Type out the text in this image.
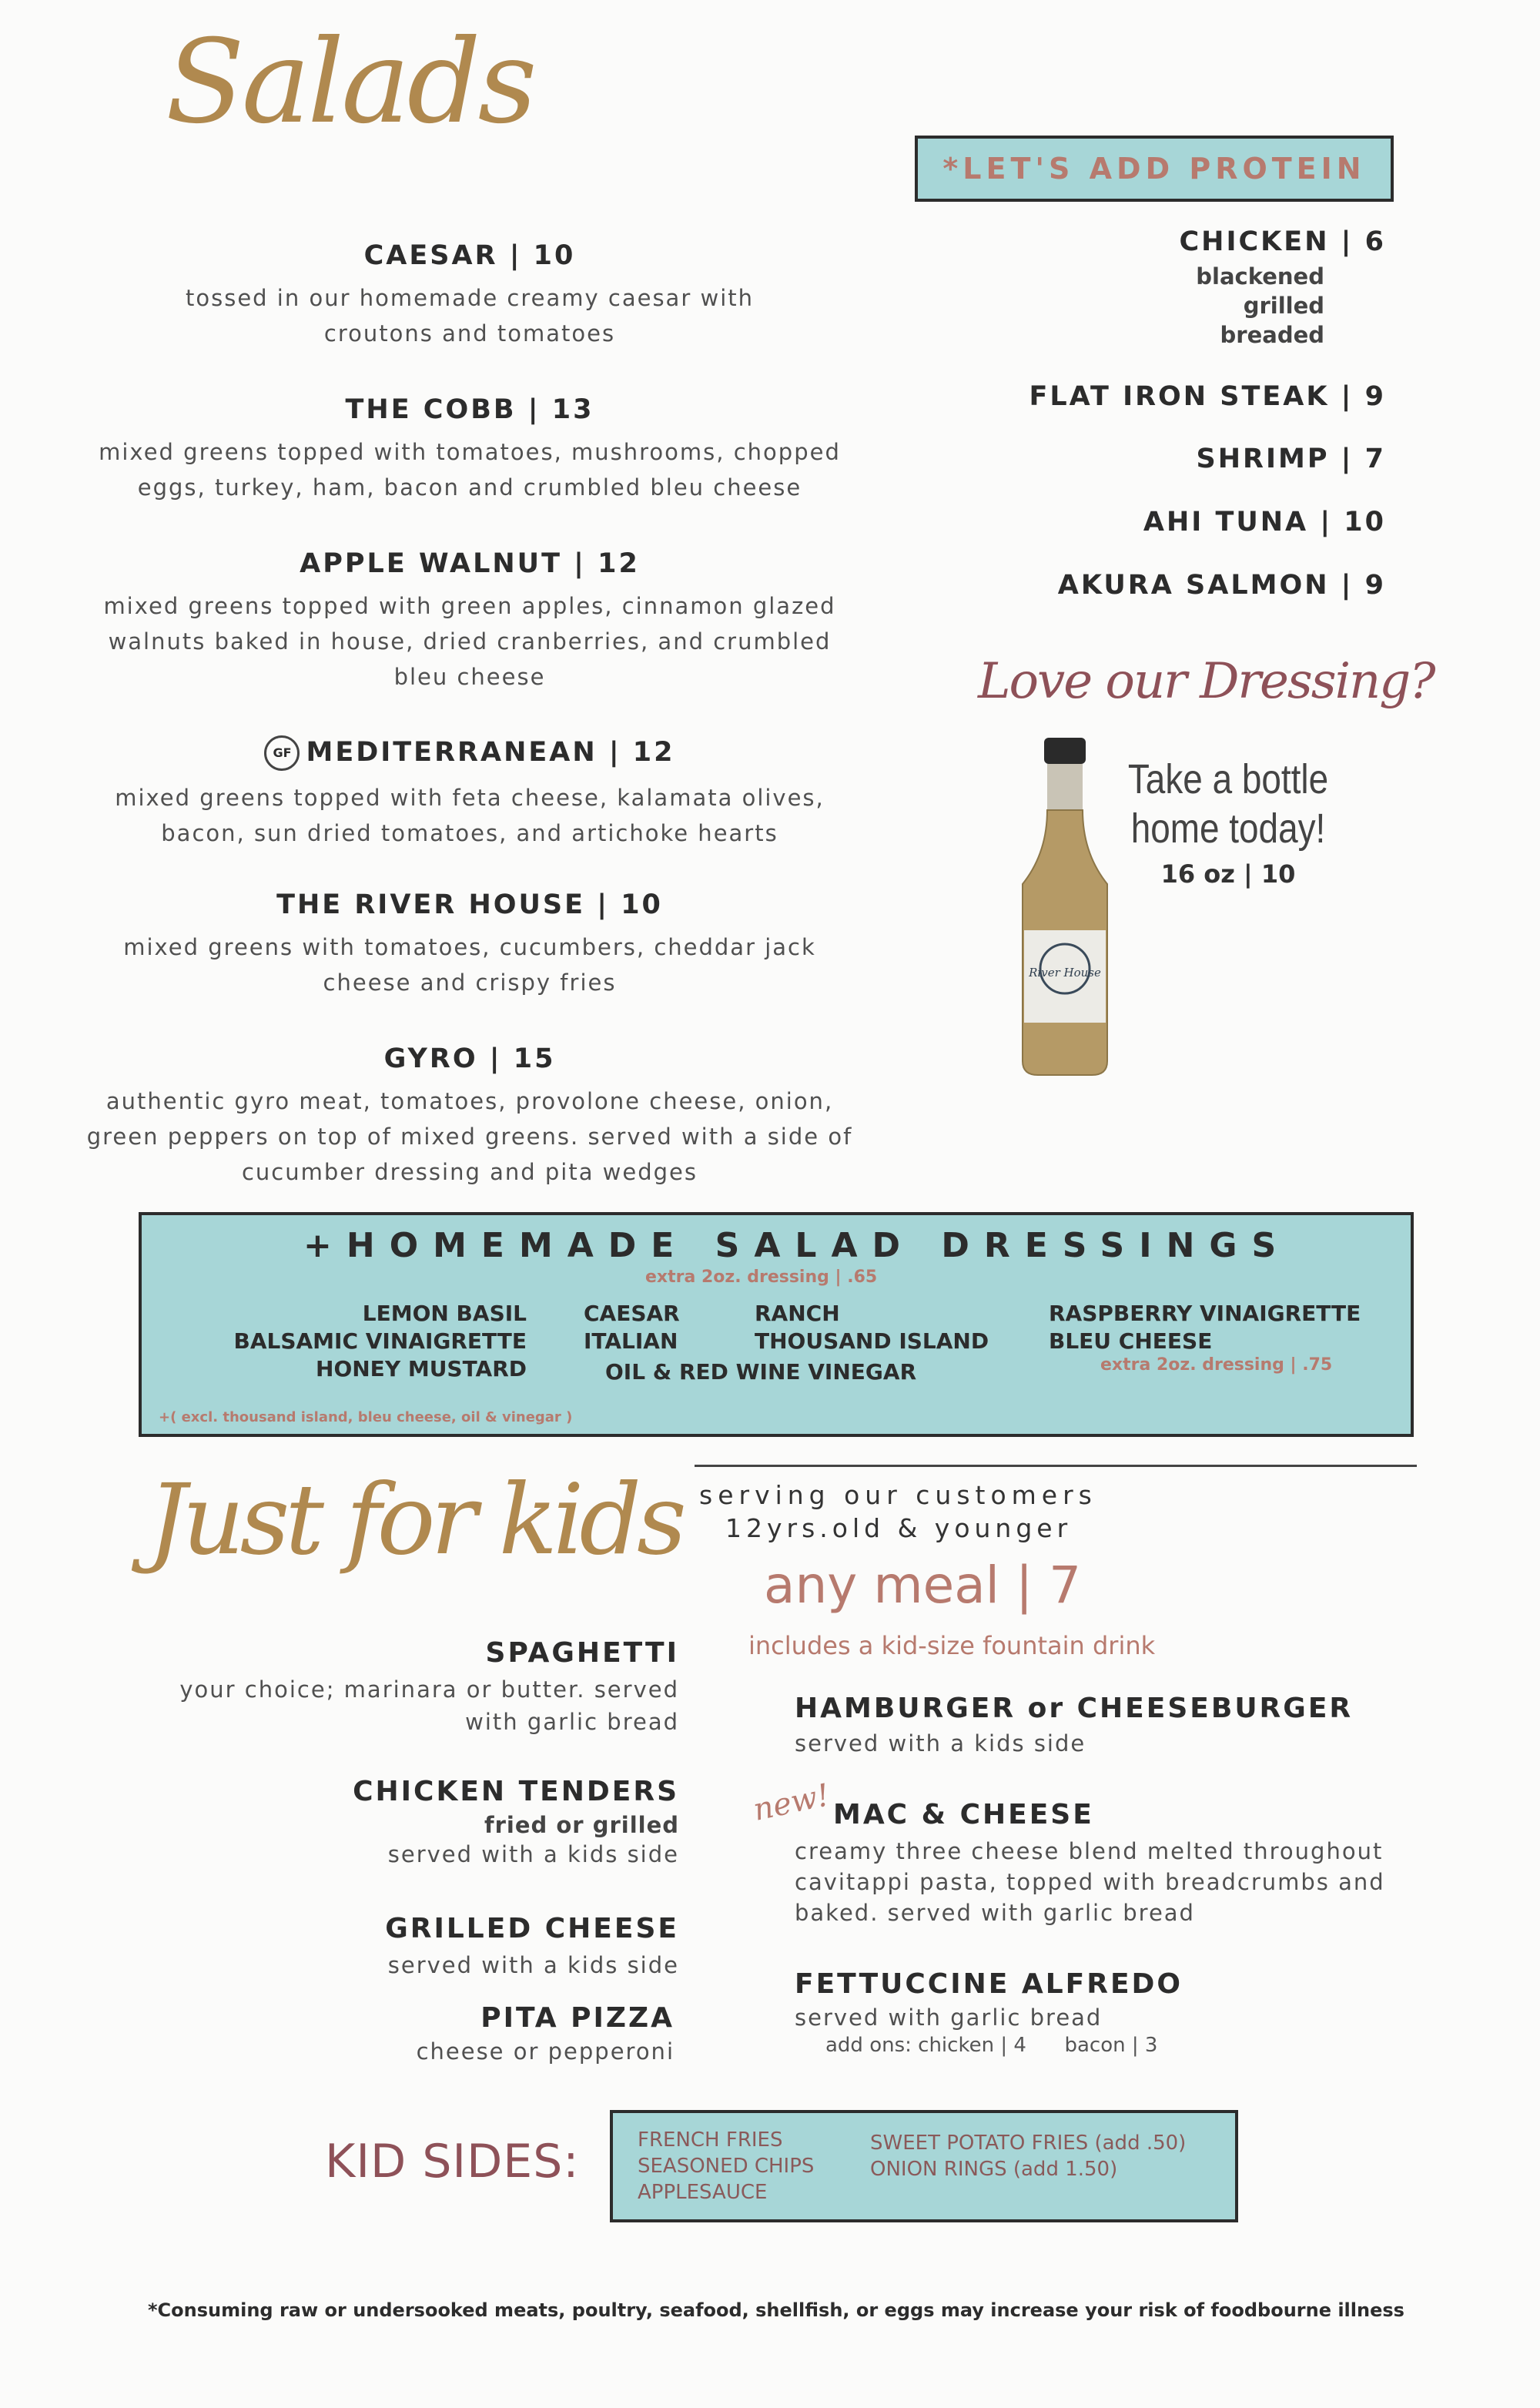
Salads
CAESAR | 10
tossed in our homemade creamy caesar with croutons and tomatoes
THE COBB | 13
mixed greens topped with tomatoes, mushrooms, chopped eggs, turkey, ham, bacon and crumbled bleu cheese
APPLE WALNUT | 12
mixed greens topped with green apples, cinnamon glazed walnuts baked in house, dried cranberries, and crumbled bleu cheese
GF MEDITERRANEAN | 12
mixed greens topped with feta cheese, kalamata olives, bacon, sun dried tomatoes, and artichoke hearts
THE RIVER HOUSE | 10
mixed greens with tomatoes, cucumbers, cheddar jack cheese and crispy fries
GYRO | 15
authentic gyro meat, tomatoes, provolone cheese, onion, green peppers on top of mixed greens. served with a side of cucumber dressing and pita wedges
*LET'S ADD PROTEIN
CHICKEN | 6
blackened
grilled
breaded
FLAT IRON STEAK | 9
SHRIMP | 7
AHI TUNA | 10
AKURA SALMON | 9
Love our Dressing?
River House
Take a bottle
home today!
16 oz | 10
+HOMEMADE SALAD DRESSINGS
extra 2oz. dressing | .65
LEMON BASIL
BALSAMIC VINAIGRETTE
HONEY MUSTARD
CAESAR
ITALIAN
RANCH
THOUSAND ISLAND
OIL & RED WINE VINEGAR
RASPBERRY VINAIGRETTE
BLEU CHEESE
extra 2oz. dressing | .75
+( excl. thousand island, bleu cheese, oil & vinegar )
Just for kids serving our customers
12yrs.old & younger
any meal | 7
includes a kid-size fountain drink
SPAGHETTI
your choice; marinara or butter. served with garlic bread
CHICKEN TENDERS
fried or grilled
served with a kids side
GRILLED CHEESE
served with a kids side
PITA PIZZA
cheese or pepperoni
HAMBURGER or CHEESEBURGER
served with a kids side
new! MAC & CHEESE
creamy three cheese blend melted throughout cavitappi pasta, topped with breadcrumbs and baked. served with garlic bread
FETTUCCINE ALFREDO
served with garlic bread
add ons: chicken | 4      bacon | 3
KID SIDES:	FRENCH FRIES
SEASONED CHIPS
APPLESAUCE
SWEET POTATO FRIES (add .50)
ONION RINGS (add 1.50)
*Consuming raw or undersooked meats, poultry, seafood, shellfish, or eggs may increase your risk of foodbourne illness
